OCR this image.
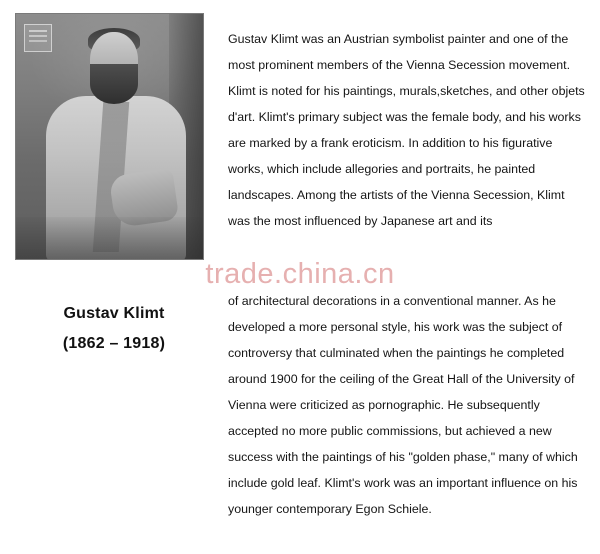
Gustav Klimt
(1862 – 1918)

Gustav Klimt was an Austrian symbolist painter and one of the most prominent members of the Vienna Secession movement. Klimt is noted for his paintings, murals,sketches, and other objets d'art. Klimt's primary subject was the female body, and his works are marked by a frank eroticism. In addition to his figurative works, which include allegories and portraits, he painted landscapes. Among the artists of the Vienna Secession, Klimt was the most influenced by Japanese art and its

of architectural decorations in a conventional manner. As he developed a more personal style, his work was the subject of controversy that culminated when the paintings he completed around 1900 for the ceiling of the Great Hall of the University of Vienna were criticized as pornographic. He subsequently accepted no more public commissions, but achieved a new success with the paintings of his "golden phase," many of which include gold leaf. Klimt's work was an important influence on his younger contemporary Egon Schiele.

trade.china.cn
